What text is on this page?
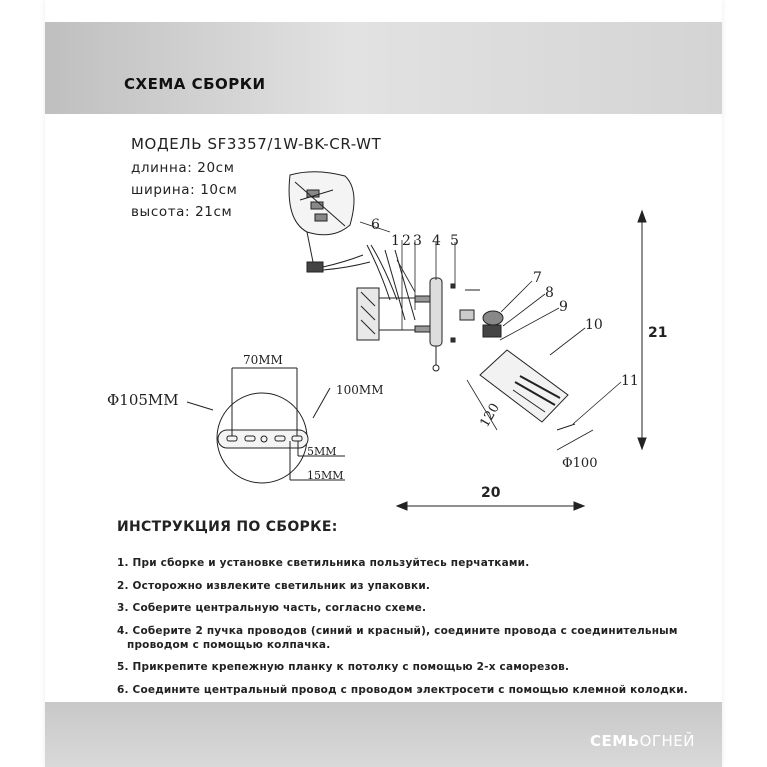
СХЕМА СБОРКИ
МОДЕЛЬ SF3357/1W-BK-CR-WT
длинна: 20см
ширина: 10см
высота: 21см
1 2 3 4 5
6
7
8
9
10
11
120
Φ100
21
20
70MM
Φ105MM
100MM
5MM
15MM
ИНСТРУКЦИЯ ПО СБОРКЕ:
1. При сборке и установке светильника пользуйтесь перчатками.
2. Осторожно извлеките светильник из упаковки.
3. Соберите центральную часть, согласно схеме.
4. Соберите 2 пучка проводов (синий и красный), соедините провода с соединительным
проводом с помощью колпачка.
5. Прикрепите крепежную планку к потолку с помощью 2-х саморезов.
6. Соедините центральный провод с проводом электросети с помощью клемной колодки.
СЕМЬОГНЕЙ
